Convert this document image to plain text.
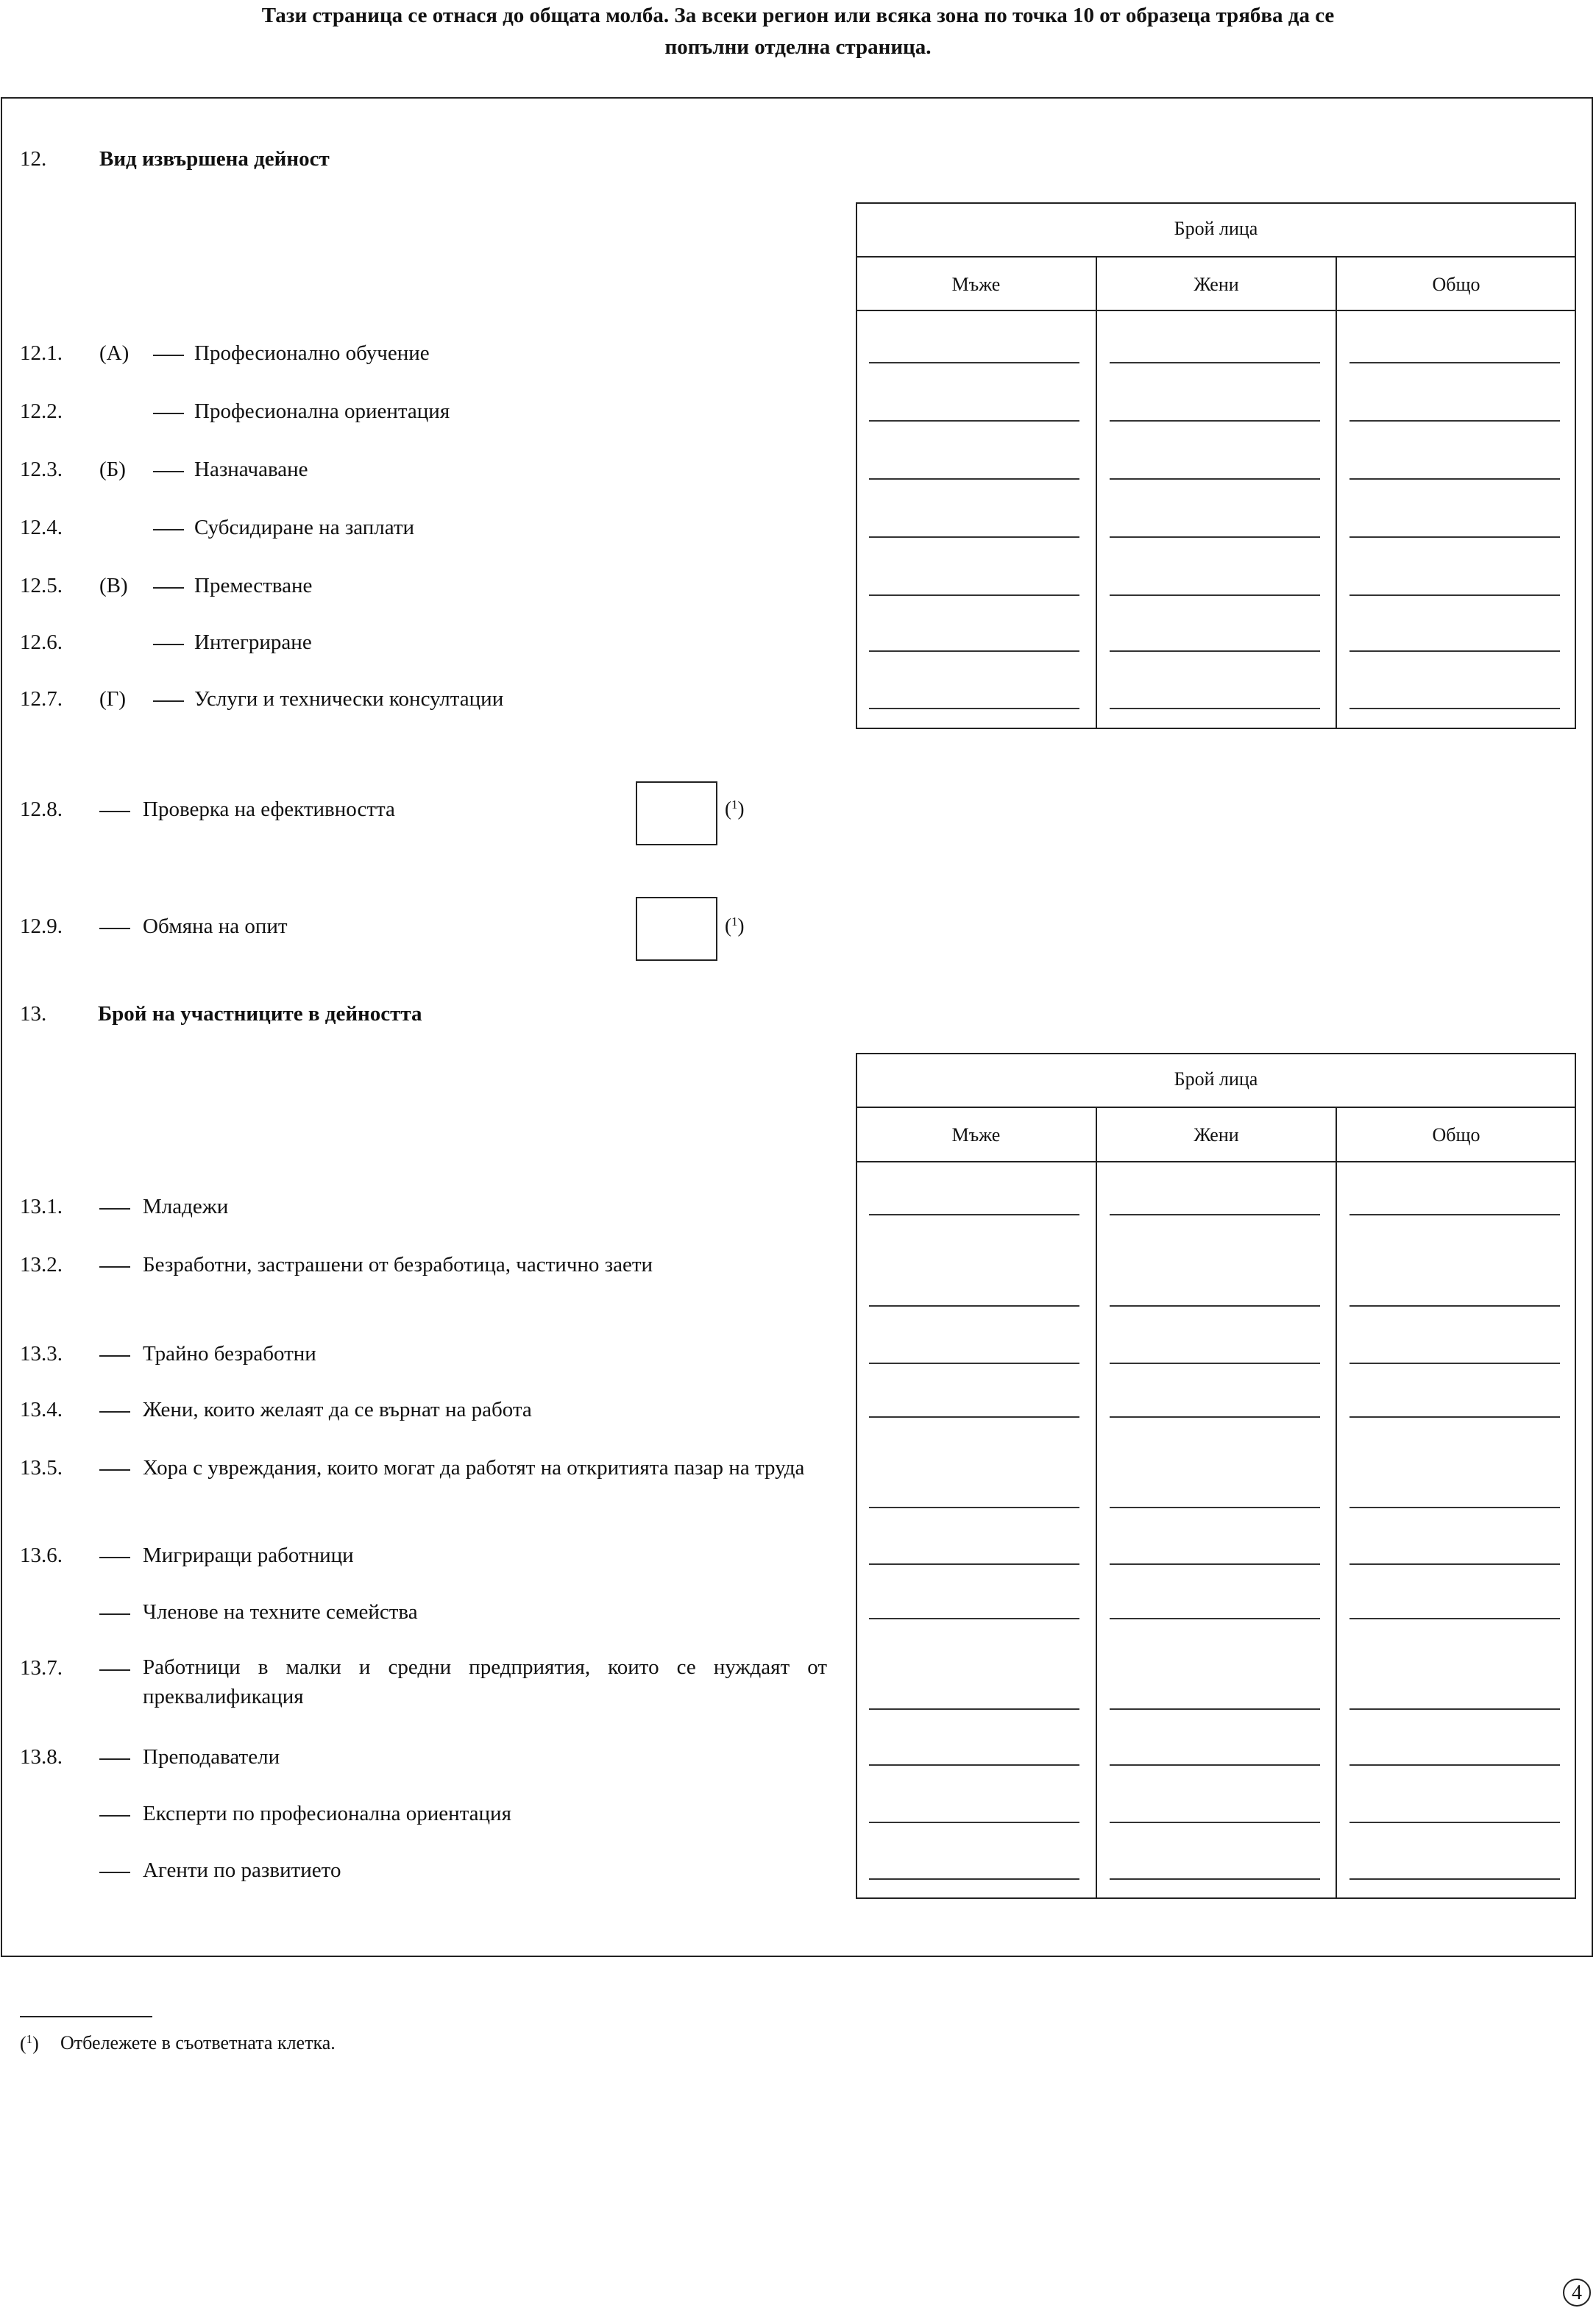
Тази страница се отнася до общата молба. За всеки регион или всяка зона по точка 10 от образеца трябва да се
попълни отделна страница.
12. Вид извършена дейност
Брой лица
Мъже	Жени	Общо
12.1. (А)	Професионално обучение
12.2.	Професионална ориентация
12.3. (Б)	Назначаване
12.4.	Субсидиране на заплати
12.5. (В)	Преместване
12.6.	Интегриране
12.7. (Г)	Услуги и технически консултации
12.8.	Проверка на ефективността	($^1$)
12.9.	Обмяна на опит	($^1$)
13. Брой на участниците в дейността
Брой лица
Мъже	Жени	Общо
13.1.	Младежи
13.2.	Безработни, застрашени от безработица, частично заети
13.3.	Трайно безработни
13.4.	Жени, които желаят да се върнат на работа
13.5.	Хора с увреждания, които могат да работят на откритията пазар на труда
13.6.	Мигриращи работници
Членове на техните семейства
13.7.	Работници в малки и средни предприятия, които се нуждаят от преквалификация
13.8.	Преподаватели
Експерти по професионална ориентация
Агенти по развитието
($^1$) Отбележете в съответната клетка.
4
